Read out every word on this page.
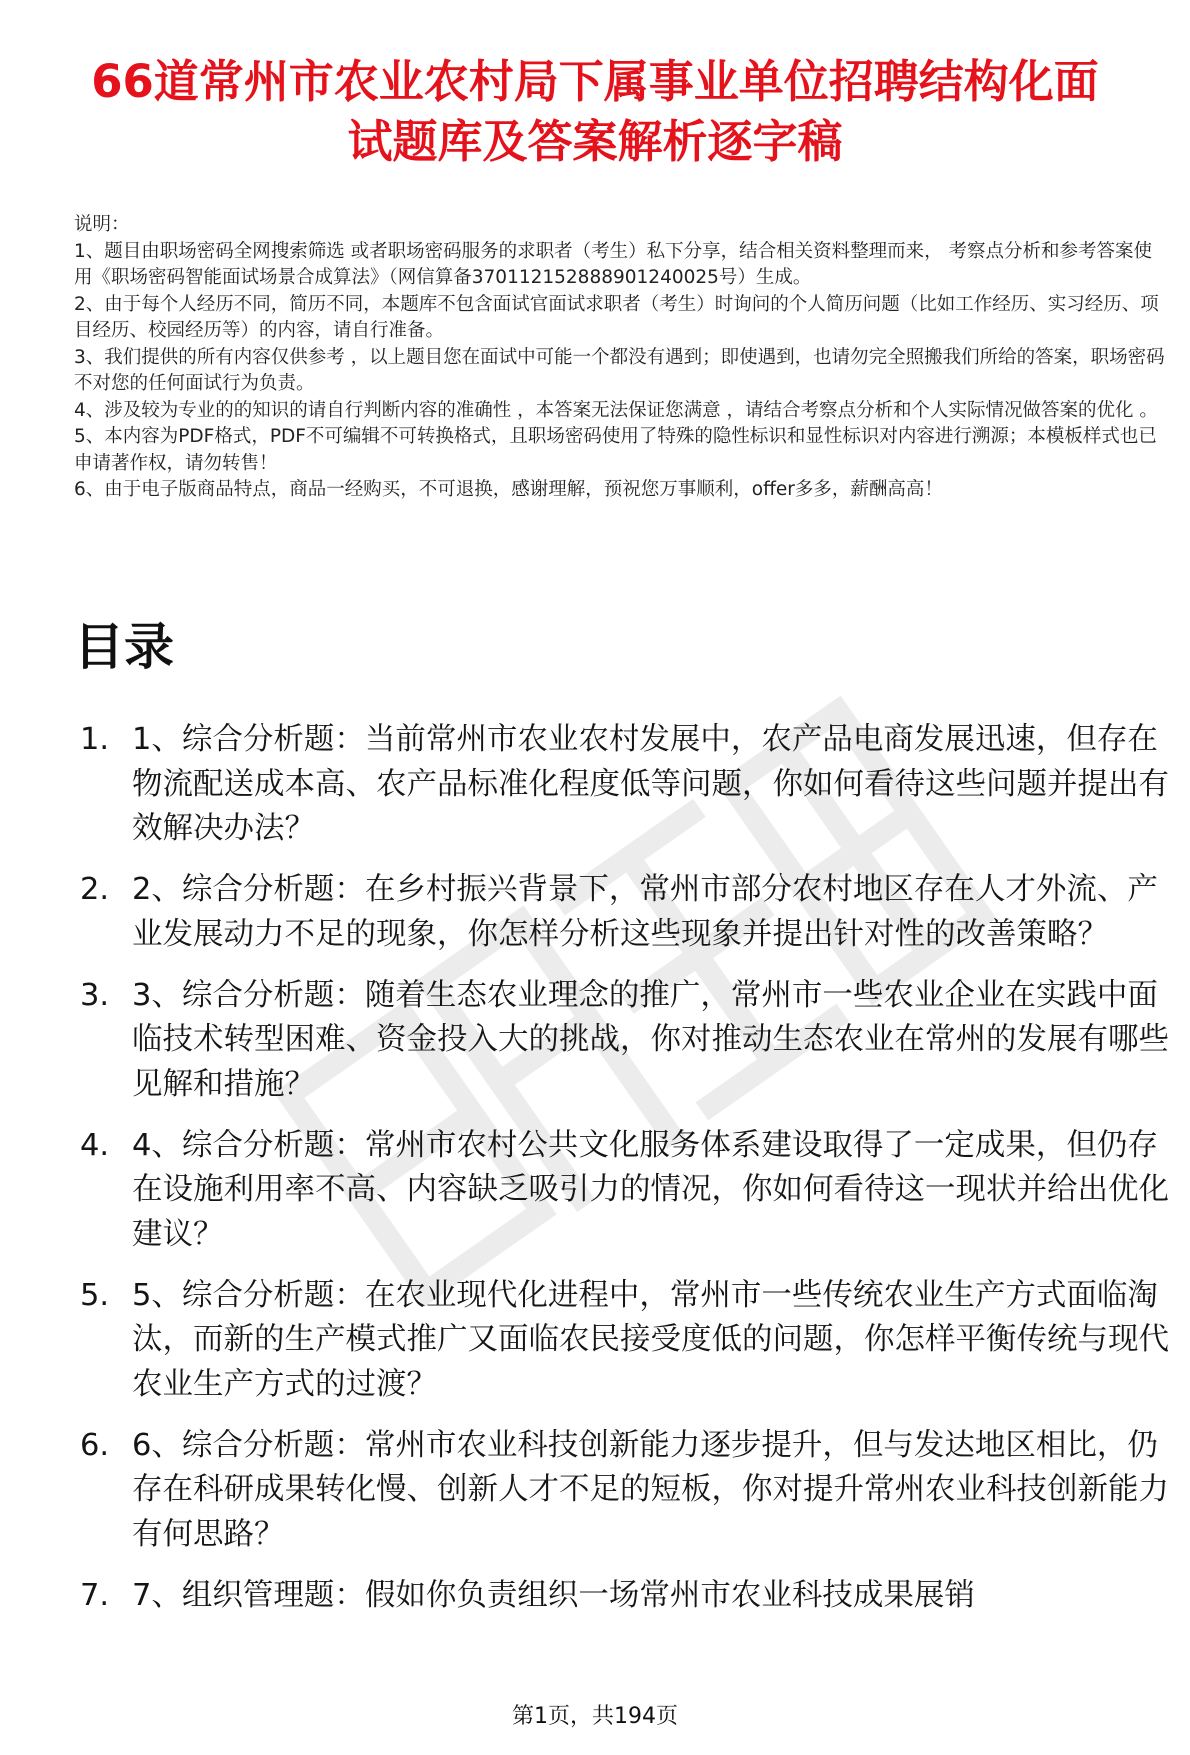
66道常州市农业农村局下属事业单位招聘结构化面试题库及答案解析逐字稿

说明：

1、题目由职场密码全网搜索筛选 或者职场密码服务的求职者（考生）私下分享，结合相关资料整理而来， 考察点分析和参考答案使用《职场密码智能面试场景合成算法》（网信算备370112152888901240025号）生成。

2、由于每个人经历不同，简历不同，本题库不包含面试官面试求职者（考生）时询问的个人简历问题（比如工作经历、实习经历、项目经历、校园经历等）的内容，请自行准备。

3、我们提供的所有内容仅供参考 ，以上题目您在面试中可能一个都没有遇到；即使遇到，也请勿完全照搬我们所给的答案，职场密码不对您的任何面试行为负责。

4、涉及较为专业的的知识的请自行判断内容的准确性 ，本答案无法保证您满意 ，请结合考察点分析和个人实际情况做答案的优化 。

5、本内容为PDF格式，PDF不可编辑不可转换格式，且职场密码使用了特殊的隐性标识和显性标识对内容进行溯源；本模板样式也已申请著作权，请勿转售！

6、由于电子版商品特点，商品一经购买，不可退换，感谢理解，预祝您万事顺利，offer多多，薪酬高高！

目录
1. 1、综合分析题：当前常州市农业农村发展中，农产品电商发展迅速，但存在物流配送成本高、农产品标准化程度低等问题，你如何看待这些问题并提出有效解决办法？
2. 2、综合分析题：在乡村振兴背景下，常州市部分农村地区存在人才外流、产业发展动力不足的现象，你怎样分析这些现象并提出针对性的改善策略？
3. 3、综合分析题：随着生态农业理念的推广，常州市一些农业企业在实践中面临技术转型困难、资金投入大的挑战，你对推动生态农业在常州的发展有哪些见解和措施？
4. 4、综合分析题：常州市农村公共文化服务体系建设取得了一定成果，但仍存在设施利用率不高、内容缺乏吸引力的情况，你如何看待这一现状并给出优化建议？
5. 5、综合分析题：在农业现代化进程中，常州市一些传统农业生产方式面临淘汰，而新的生产模式推广又面临农民接受度低的问题，你怎样平衡传统与现代农业生产方式的过渡？
6. 6、综合分析题：常州市农业科技创新能力逐步提升，但与发达地区相比，仍存在科研成果转化慢、创新人才不足的短板，你对提升常州农业科技创新能力有何思路？
7. 7、组织管理题：假如你负责组织一场常州市农业科技成果展销
第1页，共194页
